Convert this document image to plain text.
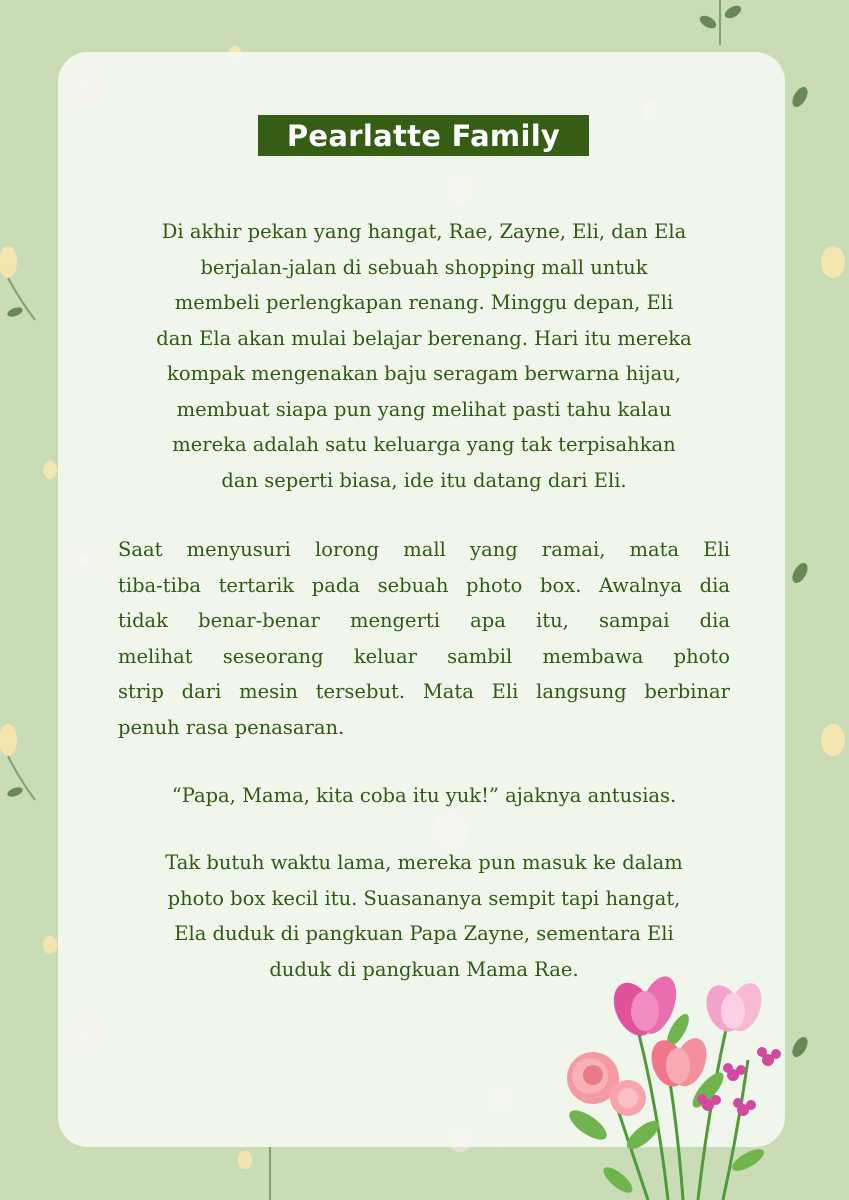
Pearlatte Family
Di akhir pekan yang hangat, Rae, Zayne, Eli, dan Ela
berjalan-jalan di sebuah shopping mall untuk
membeli perlengkapan renang. Minggu depan, Eli
dan Ela akan mulai belajar berenang. Hari itu mereka
kompak mengenakan baju seragam berwarna hijau,
membuat siapa pun yang melihat pasti tahu kalau
mereka adalah satu keluarga yang tak terpisahkan
dan seperti biasa, ide itu datang dari Eli.
Saat menyusuri lorong mall yang ramai, mata Eli
tiba-tiba tertarik pada sebuah photo box. Awalnya dia
tidak benar-benar mengerti apa itu, sampai dia
melihat seseorang keluar sambil membawa photo
strip dari mesin tersebut. Mata Eli langsung berbinar
penuh rasa penasaran.
“Papa, Mama, kita coba itu yuk!” ajaknya antusias.
Tak butuh waktu lama, mereka pun masuk ke dalam
photo box kecil itu. Suasananya sempit tapi hangat,
Ela duduk di pangkuan Papa Zayne, sementara Eli
duduk di pangkuan Mama Rae.
